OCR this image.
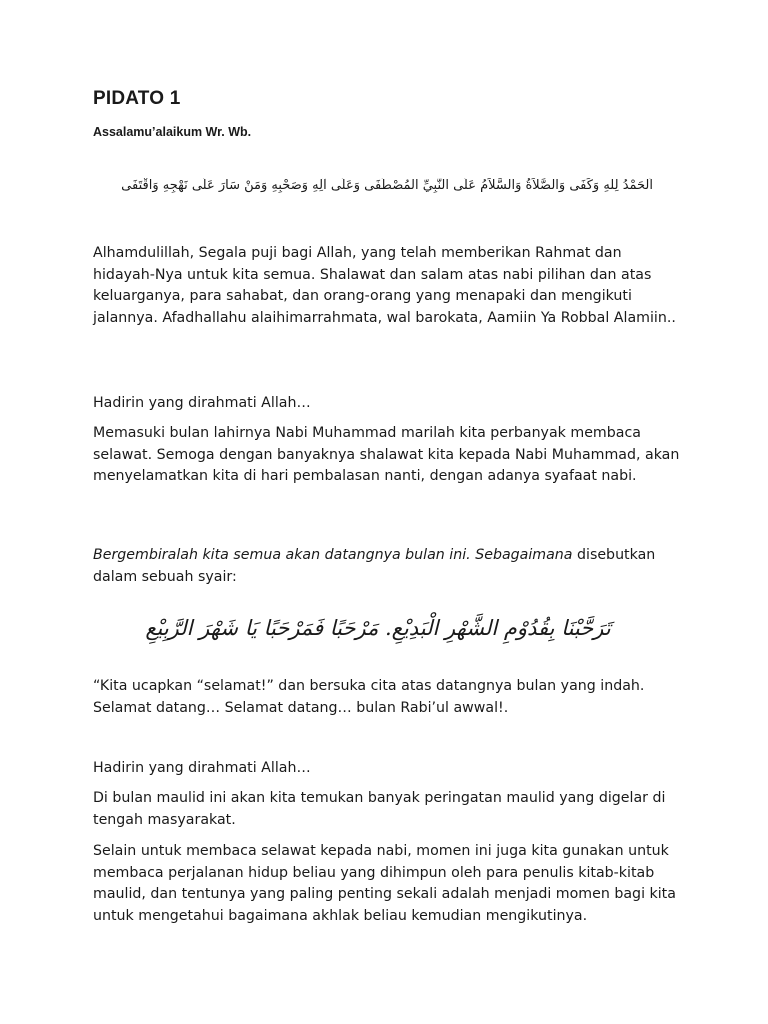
PIDATO 1

Assalamu’alaikum Wr. Wb.

اَلْحَمْدُ لِلّٰهِ وَكَفَى وَالصَّلاَةُ وَالسَّلاَمُ عَلَى النَّبِيِّ الْمُصْطَفَى وَعَلَى آلِهِ وَصَحْبِهِ وَمَنْ سَارَ عَلَى نَهْجِهِ وَاقْتَفَى

Alhamdulillah, Segala puji bagi Allah, yang telah memberikan Rahmat dan hidayah-Nya untuk kita semua. Shalawat dan salam atas nabi pilihan dan atas keluarganya, para sahabat, dan orang-orang yang menapaki dan mengikuti jalannya. Afadhallahu alaihimarrahmata, wal barokata, Aamiin Ya Robbal Alamiin..

Hadirin yang dirahmati Allah…

Memasuki bulan lahirnya Nabi Muhammad marilah kita perbanyak membaca selawat. Semoga dengan banyaknya shalawat kita kepada Nabi Muhammad, akan menyelamatkan kita di hari pembalasan nanti, dengan adanya syafaat nabi.

Bergembiralah kita semua akan datangnya bulan ini. Sebagaimana disebutkan dalam sebuah syair:

تَرَحَّبْنَا بِقُدُوْمِ الشَّهْرِ الْبَدِيْعِ. مَرْحَبًا فَمَرْحَبًا يَا شَهْرَ الرَّبِيْعِ

“Kita ucapkan “selamat!” dan bersuka cita atas datangnya bulan yang indah. Selamat datang… Selamat datang… bulan Rabi’ul awwal!.

Hadirin yang dirahmati Allah…

Di bulan maulid ini akan kita temukan banyak peringatan maulid yang digelar di tengah masyarakat.

Selain untuk membaca selawat kepada nabi, momen ini juga kita gunakan untuk membaca perjalanan hidup beliau yang dihimpun oleh para penulis kitab-kitab maulid, dan tentunya yang paling penting sekali adalah menjadi momen bagi kita untuk mengetahui bagaimana akhlak beliau kemudian mengikutinya.
